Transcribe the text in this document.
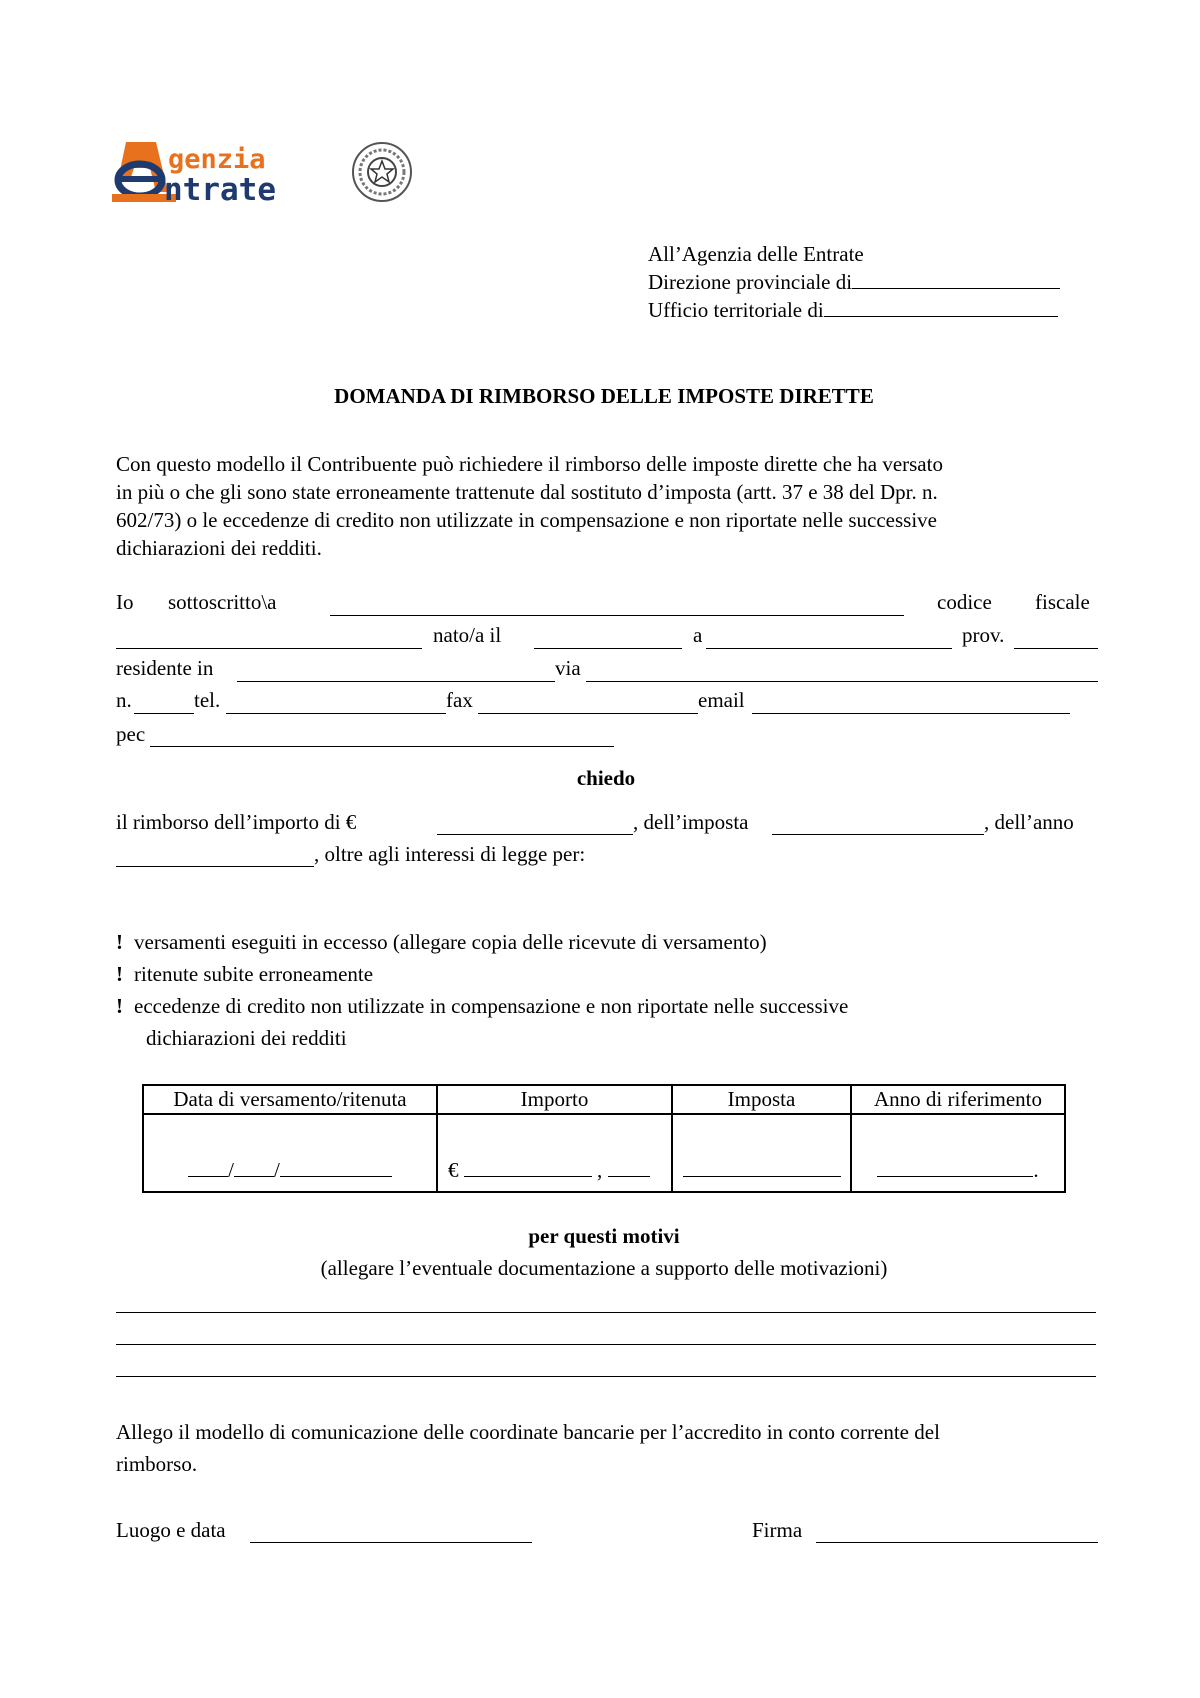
genzia
ntrate
All’Agenzia delle Entrate
Direzione provinciale di
Ufficio territoriale di
DOMANDA DI RIMBORSO DELLE IMPOSTE DIRETTE
Con questo modello il Contribuente può richiedere il rimborso delle imposte dirette che ha versato
in più o che gli sono state erroneamente trattenute dal sostituto d’imposta (artt. 37 e 38 del Dpr. n.
602/73) o le eccedenze di credito non utilizzate in compensazione e non riportate nelle successive
dichiarazioni dei redditi.
Io sottoscritto\a	codice fiscale
nato/a il	a	prov.
residente in	via
n.	tel.	fax	email
pec
chiedo
il rimborso dell’importo di €	, dell’imposta	, dell’anno
, oltre agli interessi di legge per:
ǃ versamenti eseguiti in eccesso (allegare copia delle ricevute di versamento)
ǃ ritenute subite erroneamente
ǃ eccedenze di credito non utilizzate in compensazione e non riportate nelle successive
dichiarazioni dei redditi
Data di versamento/ritenuta	Importo	Imposta	Anno di riferimento
/ /	€ ,		.
per questi motivi
(allegare l’eventuale documentazione a supporto delle motivazioni)
Allego il modello di comunicazione delle coordinate bancarie per l’accredito in conto corrente del
rimborso.
Luogo e data	Firma
